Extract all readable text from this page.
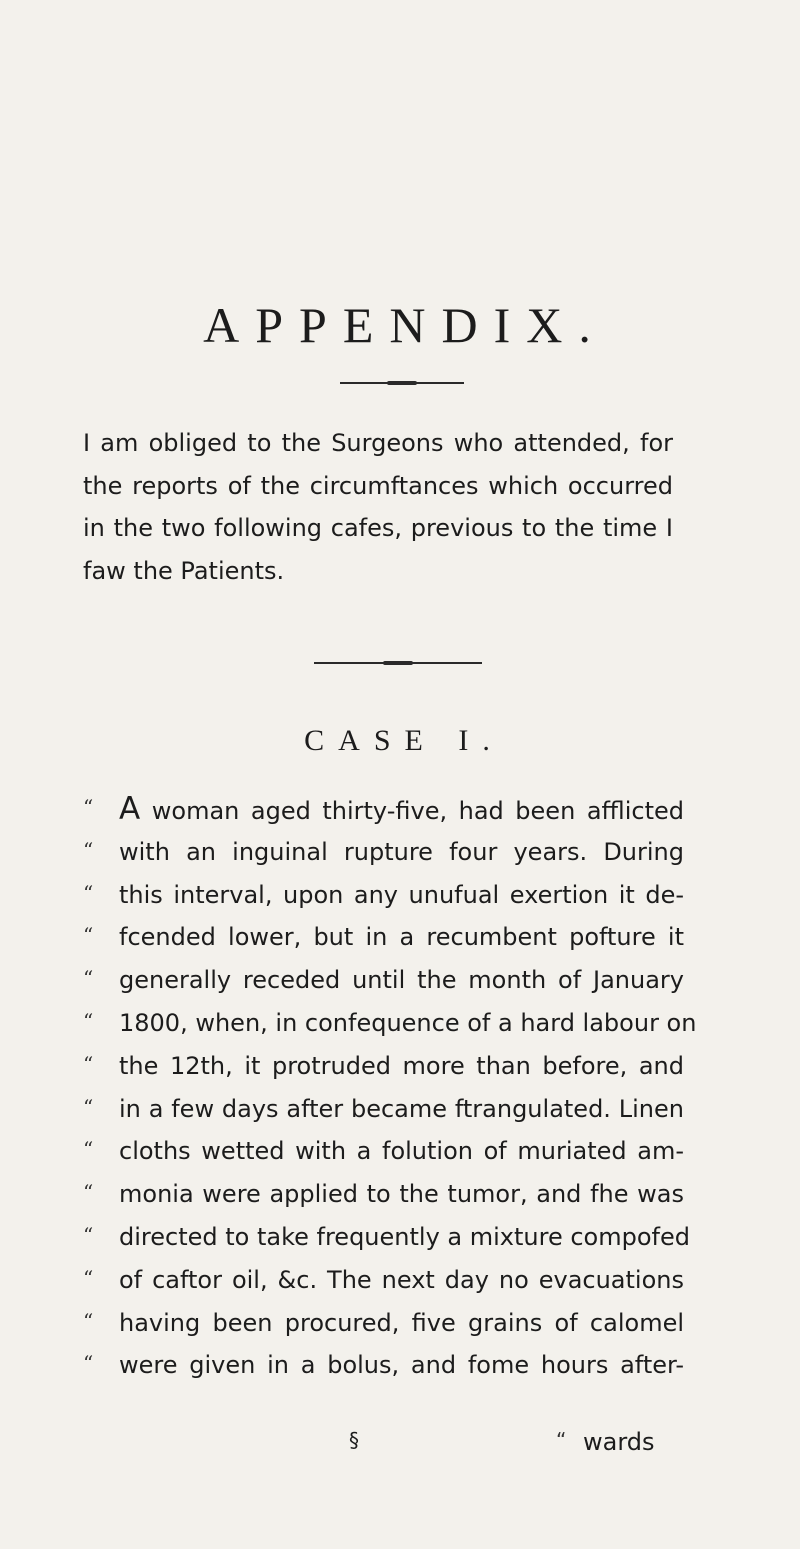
APPENDIX.

I am obliged to the Surgeons who attended, for the reports of the circumftances which occurred in the two following cafes, previous to the time I faw the Patients.

CASE I.
“ A woman aged thirty-five, had been afflicted
“ with an inguinal rupture four years. During
“ this interval, upon any unufual exertion it de-
“ fcended lower, but in a recumbent pofture it
“ generally receded until the month of January
“ 1800, when, in confequence of a hard labour on
“ the 12th, it protruded more than before, and
“ in a few days after became ftrangulated. Linen
“ cloths wetted with a folution of muriated am-
“ monia were applied to the tumor, and fhe was
“ directed to take frequently a mixture compofed
“ of caftor oil, &c. The next day no evacuations
“ having been procured, five grains of calomel
“ were given in a bolus, and fome hours after-
§	“ wards
